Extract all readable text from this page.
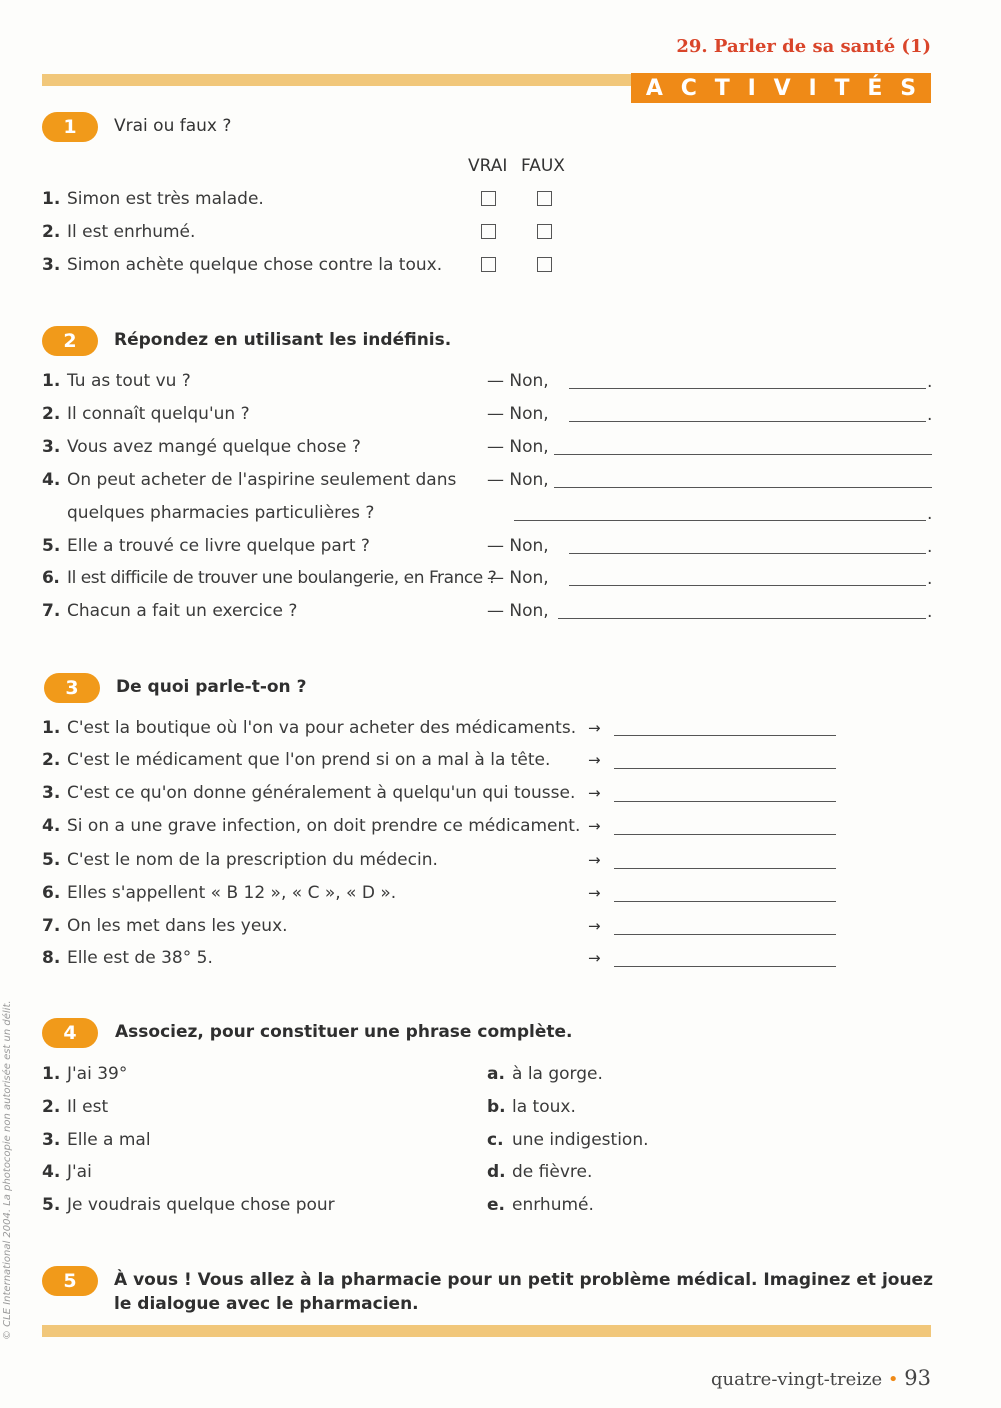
29. Parler de sa santé (1)
A C T I V I T É S
1	Vrai ou faux ?
VRAI FAUX
1. Simon est très malade.
2. Il est enrhumé.
3. Simon achète quelque chose contre la toux.
2	Répondez en utilisant les indéfinis.
1. Tu as tout vu ?	— Non,	.
2. Il connaît quelqu'un ?	— Non,	.
3. Vous avez mangé quelque chose ?	— Non,
4. On peut acheter de l'aspirine seulement dans — Non,
quelques pharmacies particulières ?	.
5. Elle a trouvé ce livre quelque part ?	— Non,	.
6. Il est difficile de trouver une boulangerie, en France ?
— Non,	.
7. Chacun a fait un exercice ?	— Non,	.
3	De quoi parle-t-on ?
1. C'est la boutique où l'on va pour acheter des médicaments. →
2. C'est le médicament que l'on prend si on a mal à la tête.	→
3. C'est ce qu'on donne généralement à quelqu'un qui tousse. →
4. Si on a une grave infection, on doit prendre ce médicament. →
5. C'est le nom de la prescription du médecin.	→
6. Elles s'appellent « B 12 », « C », « D ».	→
7. On les met dans les yeux.	→
8. Elle est de 38° 5.	→
4	Associez, pour constituer une phrase complète.
1. J'ai 39°	a. à la gorge.
2. Il est	b. la toux.
3. Elle a mal	c. une indigestion.
4. J'ai	d. de fièvre.
5. Je voudrais quelque chose pour	e. enrhumé.
5	À vous ! Vous allez à la pharmacie pour un petit problème médical. Imaginez et jouez le dialogue avec le pharmacien.
quatre-vingt-treize • 93
© CLE International 2004. La photocopie non autorisée est un délit.
